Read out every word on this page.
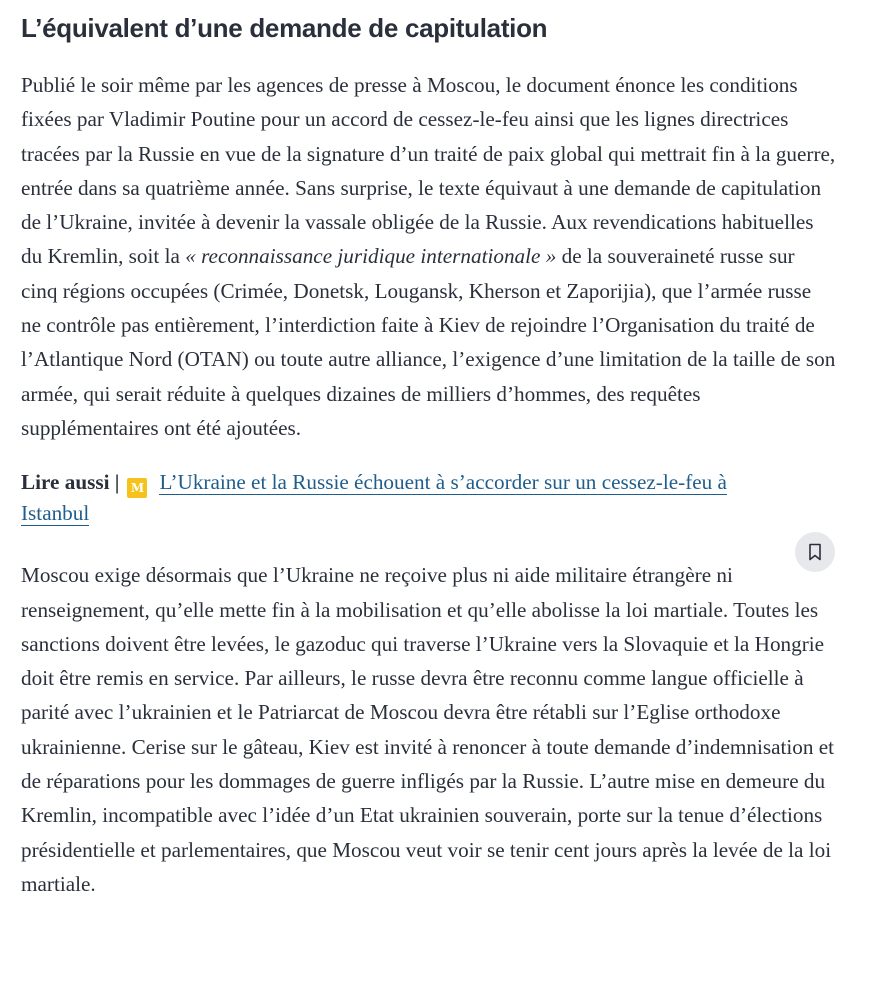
L’équivalent d’une demande de capitulation

Publié le soir même par les agences de presse à Moscou, le document énonce les conditions fixées par Vladimir Poutine pour un accord de cessez-le-feu ainsi que les lignes directrices tracées par la Russie en vue de la signature d’un traité de paix global qui mettrait fin à la guerre, entrée dans sa quatrième année. Sans surprise, le texte équivaut à une demande de capitulation de l’Ukraine, invitée à devenir la vassale obligée de la Russie. Aux revendications habituelles du Kremlin, soit la « reconnaissance juridique internationale » de la souveraineté russe sur cinq régions occupées (Crimée, Donetsk, Lougansk, Kherson et Zaporijia), que l’armée russe ne contrôle pas entièrement, l’interdiction faite à Kiev de rejoindre l’Organisation du traité de l’Atlantique Nord (OTAN) ou toute autre alliance, l’exigence d’une limitation de la taille de son armée, qui serait réduite à quelques dizaines de milliers d’hommes, des requêtes supplémentaires ont été ajoutées.

Lire aussi | M L’Ukraine et la Russie échouent à s’accorder sur un cessez-le-feu à Istanbul

Moscou exige désormais que l’Ukraine ne reçoive plus ni aide militaire étrangère ni renseignement, qu’elle mette fin à la mobilisation et qu’elle abolisse la loi martiale. Toutes les sanctions doivent être levées, le gazoduc qui traverse l’Ukraine vers la Slovaquie et la Hongrie doit être remis en service. Par ailleurs, le russe devra être reconnu comme langue officielle à parité avec l’ukrainien et le Patriarcat de Moscou devra être rétabli sur l’Eglise orthodoxe ukrainienne. Cerise sur le gâteau, Kiev est invité à renoncer à toute demande d’indemnisation et de réparations pour les dommages de guerre infligés par la Russie. L’autre mise en demeure du Kremlin, incompatible avec l’idée d’un Etat ukrainien souverain, porte sur la tenue d’élections présidentielle et parlementaires, que Moscou veut voir se tenir cent jours après la levée de la loi martiale.
